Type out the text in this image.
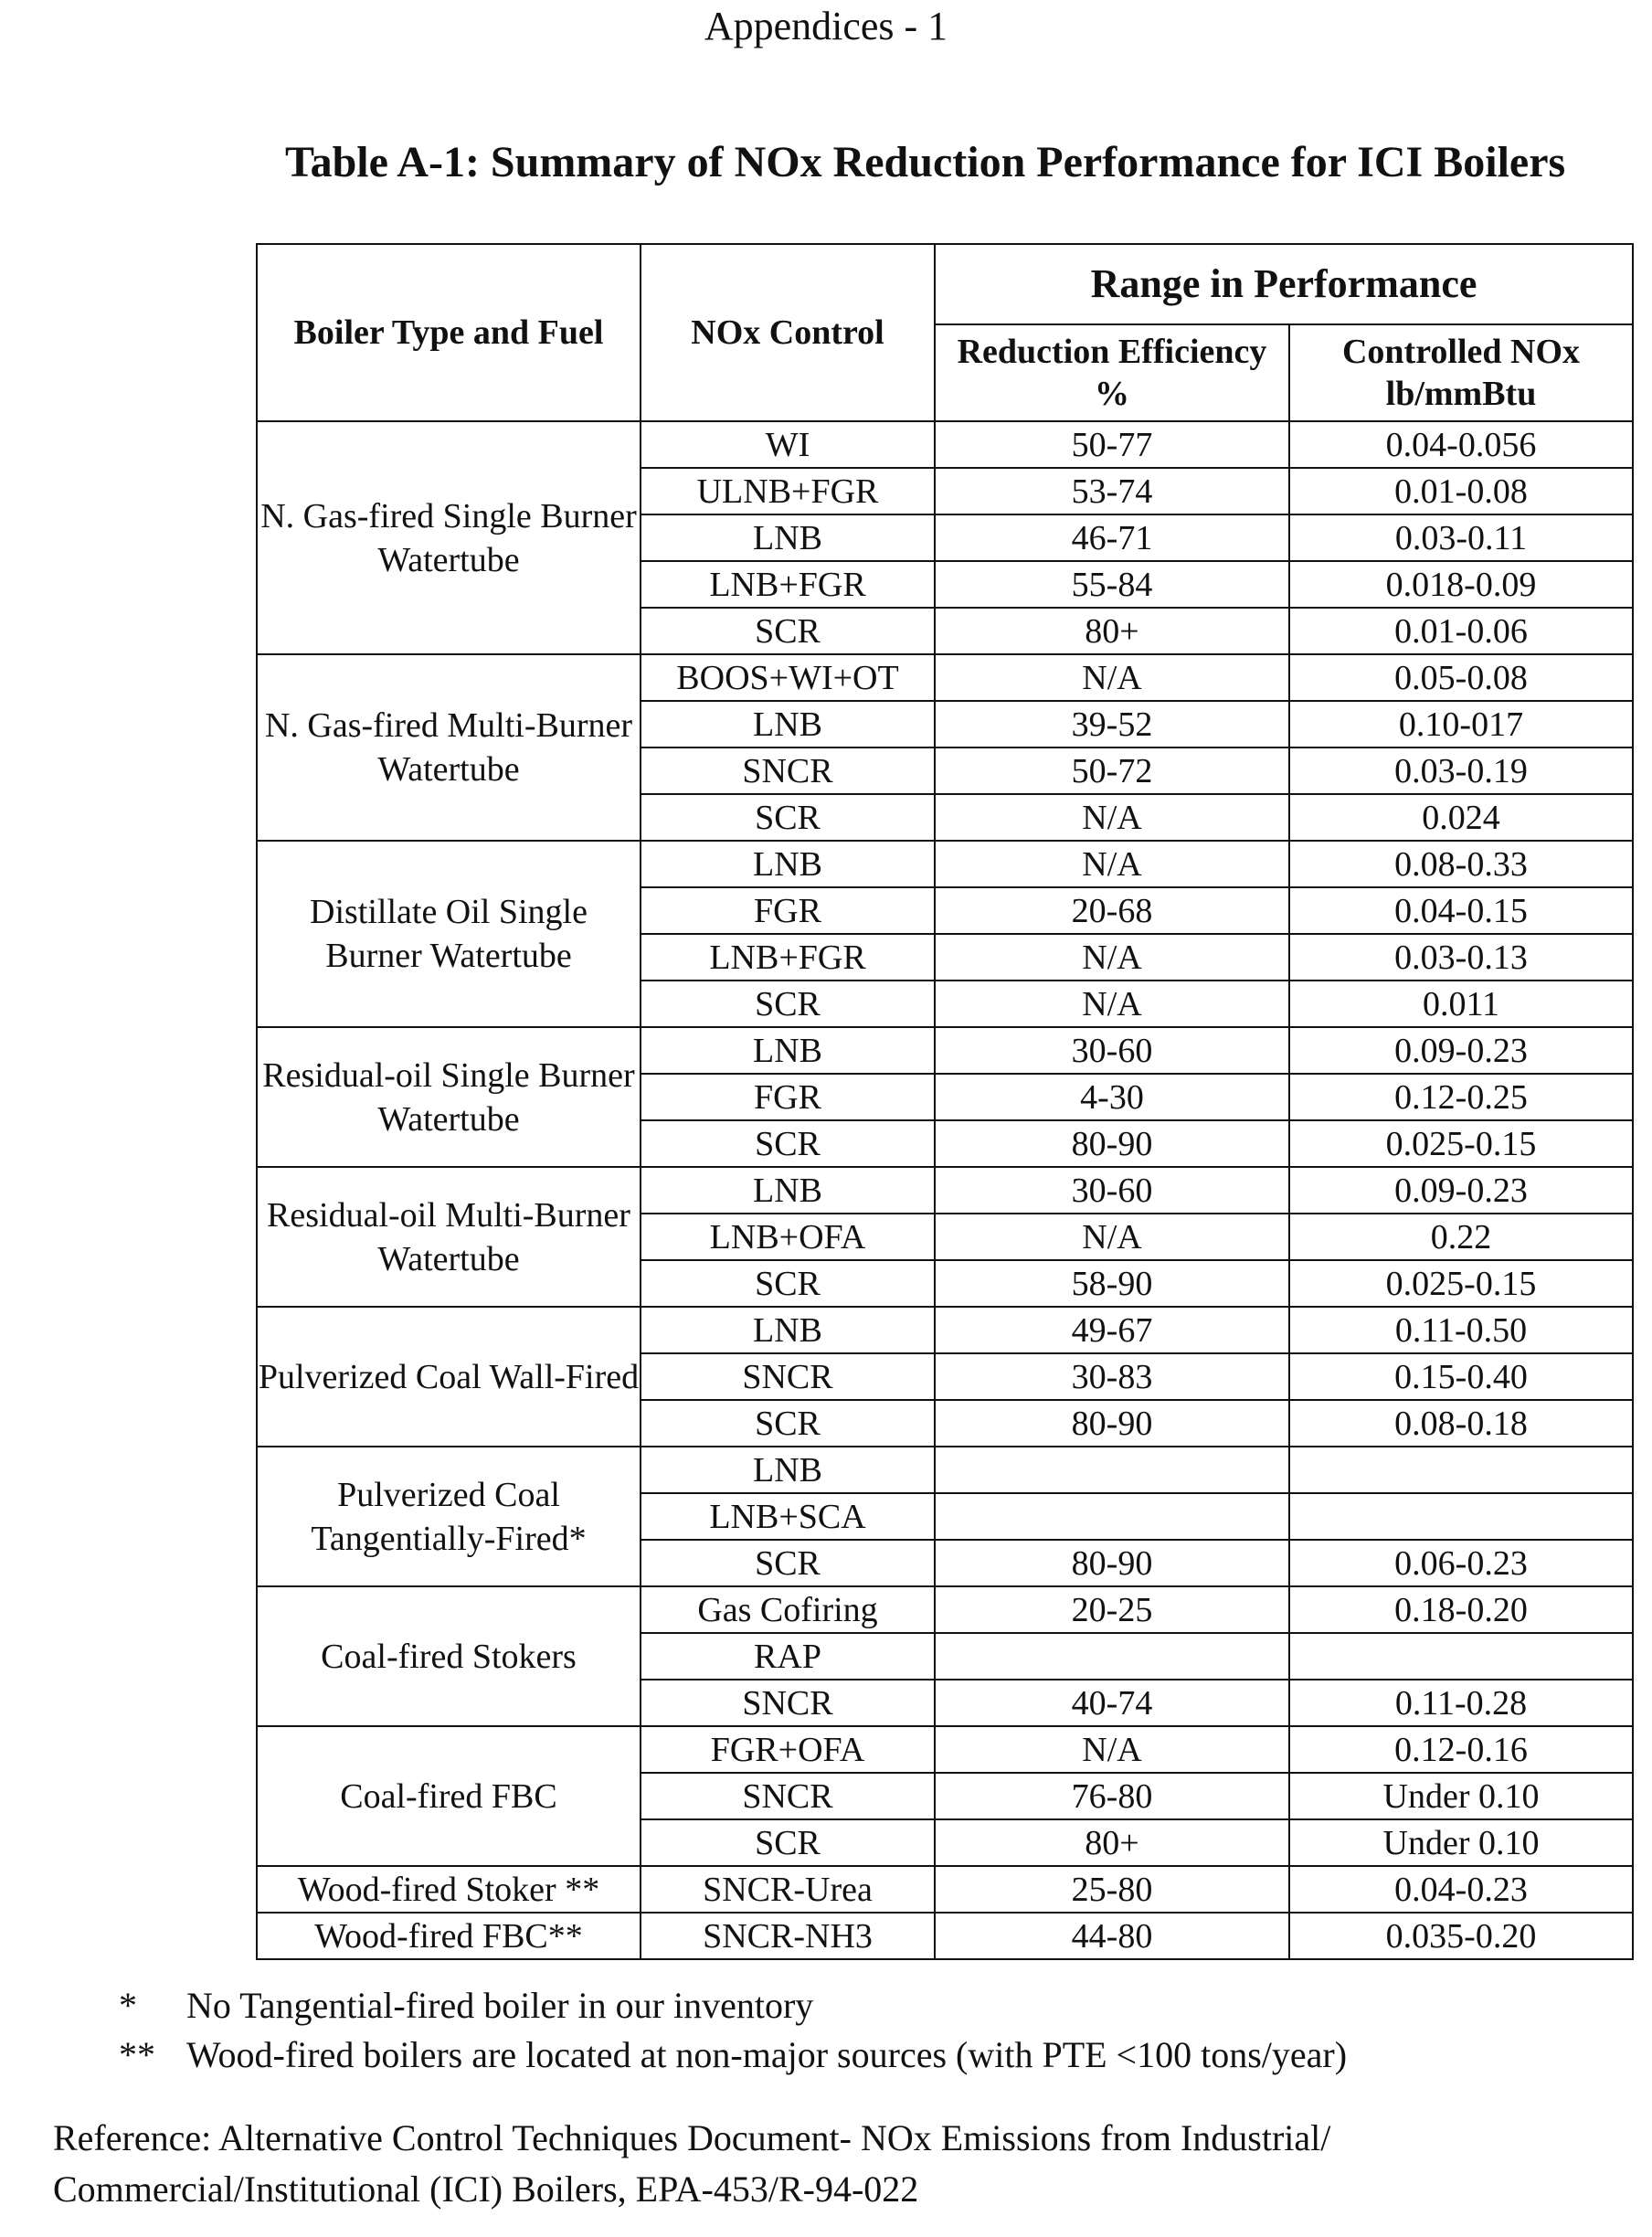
Appendices - 1
Table A-1: Summary of NOx Reduction Performance for ICI Boilers
Boiler Type and Fuel	NOx Control	Range in Performance	
		Reduction Efficiency %	Controlled NOx lb/mmBtu
N. Gas-fired Single Burner Watertube	WI	50-77	0.04-0.056
	ULNB+FGR	53-74	0.01-0.08
	LNB	46-71	0.03-0.11
	LNB+FGR	55-84	0.018-0.09
	SCR	80+	0.01-0.06
N. Gas-fired Multi-Burner Watertube	BOOS+WI+OT	N/A	0.05-0.08
	LNB	39-52	0.10-017
	SNCR	50-72	0.03-0.19
	SCR	N/A	0.024
Distillate Oil Single Burner Watertube	LNB	N/A	0.08-0.33
	FGR	20-68	0.04-0.15
	LNB+FGR	N/A	0.03-0.13
	SCR	N/A	0.011
Residual-oil Single Burner Watertube	LNB	30-60	0.09-0.23
	FGR	4-30	0.12-0.25
	SCR	80-90	0.025-0.15
Residual-oil Multi-Burner Watertube	LNB	30-60	0.09-0.23
	LNB+OFA	N/A	0.22
	SCR	58-90	0.025-0.15
Pulverized Coal Wall-Fired	LNB	49-67	0.11-0.50
	SNCR	30-83	0.15-0.40
	SCR	80-90	0.08-0.18
Pulverized Coal Tangentially-Fired*	LNB		
	LNB+SCA		
	SCR	80-90	0.06-0.23
Coal-fired Stokers	Gas Cofiring	20-25	0.18-0.20
	RAP		
	SNCR	40-74	0.11-0.28
Coal-fired FBC	FGR+OFA	N/A	0.12-0.16
	SNCR	76-80	Under 0.10
	SCR	80+	Under 0.10
Wood-fired Stoker **	SNCR-Urea	25-80	0.04-0.23
Wood-fired FBC**	SNCR-NH3	44-80	0.035-0.20
*	No Tangential-fired boiler in our inventory
** Wood-fired boilers are located at non-major sources (with PTE <100 tons/year)
Reference: Alternative Control Techniques Document- NOx Emissions from Industrial/
Commercial/Institutional (ICI) Boilers, EPA-453/R-94-022
